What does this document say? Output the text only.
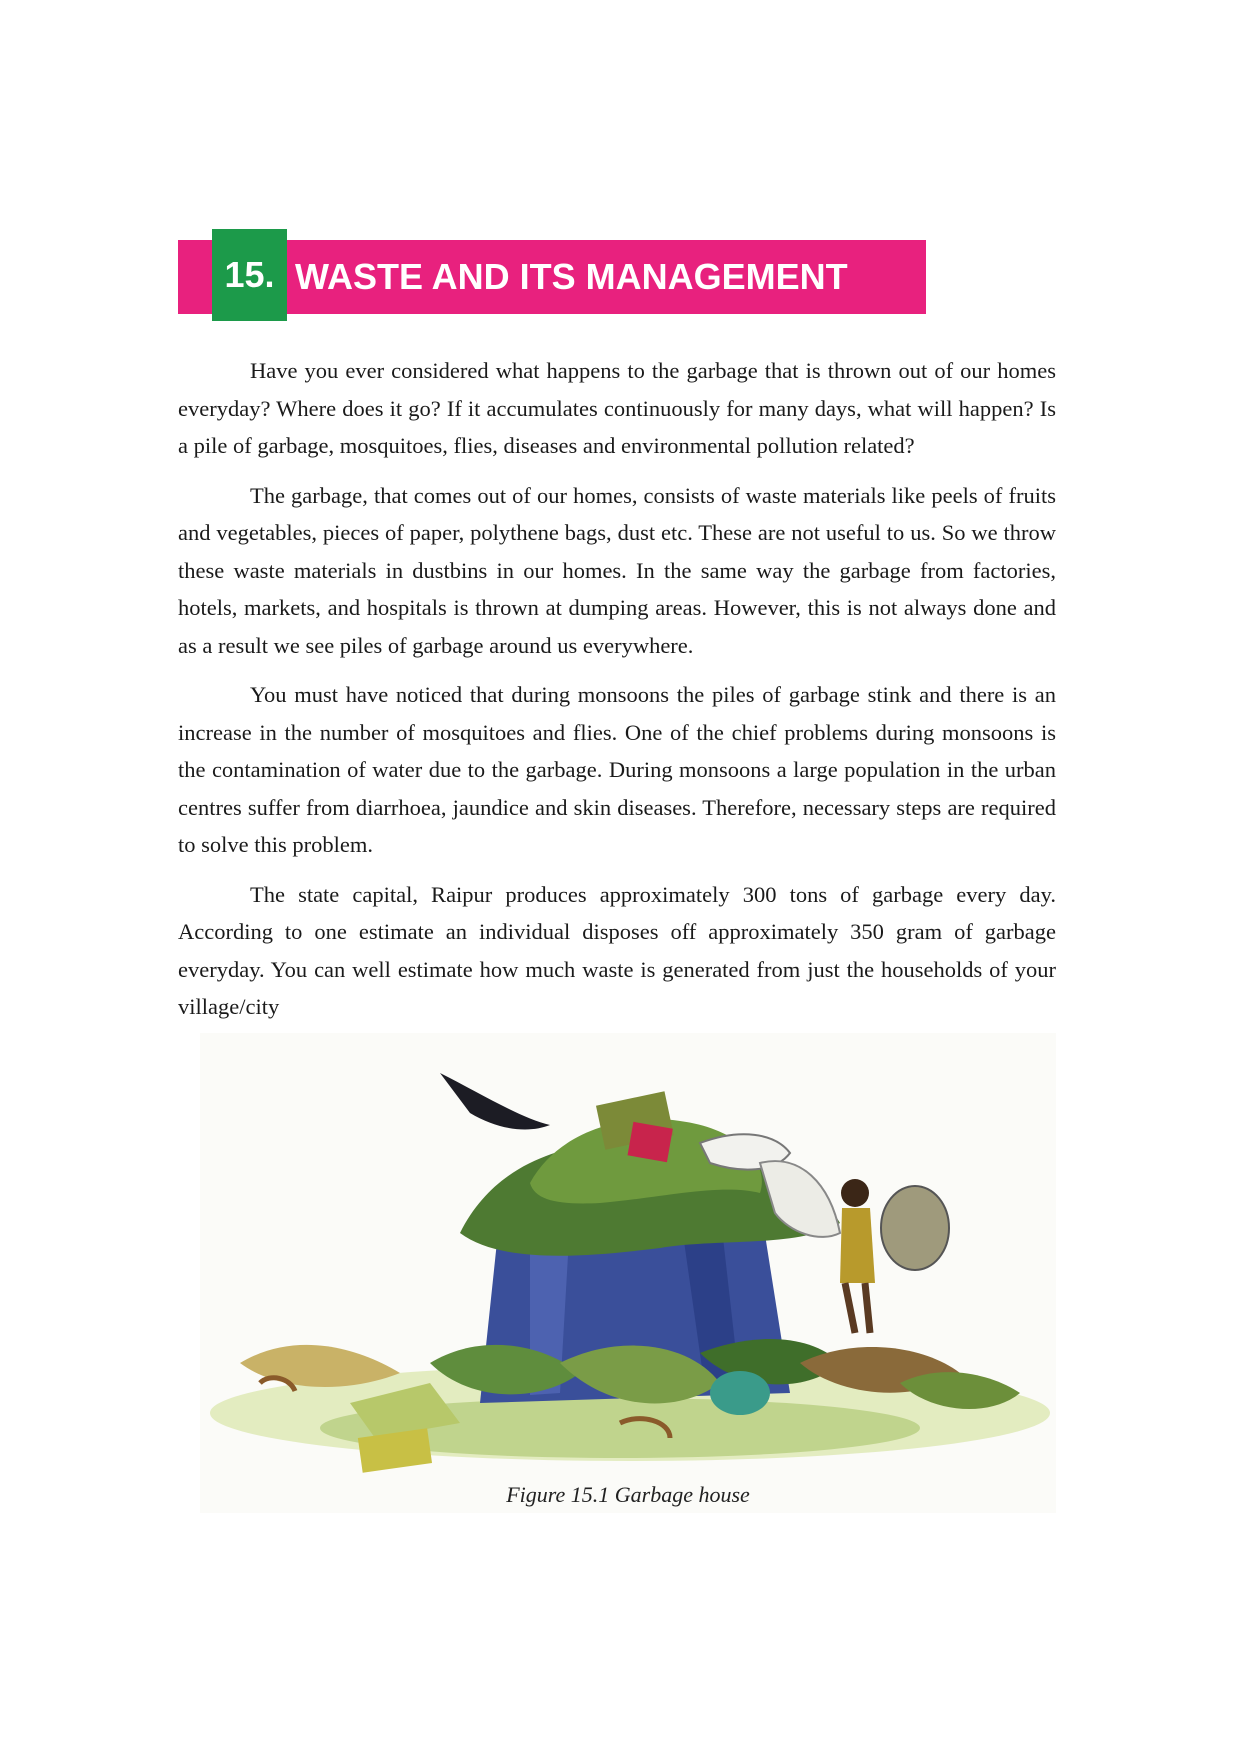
15. WASTE AND ITS MANAGEMENT

Have you ever considered what happens to the garbage that is thrown out of our homes everyday? Where does it go? If it accumulates continuously for many days, what will happen? Is a pile of garbage, mosquitoes, flies, diseases and environmental pollution related?

The garbage, that comes out of our homes, consists of waste materials like peels of fruits and vegetables, pieces of paper, polythene bags, dust etc. These are not useful to us. So we throw these waste materials in dustbins in our homes. In the same way the garbage from factories, hotels, markets, and hospitals is thrown at dumping areas. However, this is not always done and as a result we see piles of garbage around us everywhere.

You must have noticed that during monsoons the piles of garbage stink and there is an increase in the number of mosquitoes and flies. One of the chief problems during monsoons is the contamination of water due to the garbage. During monsoons a large population in the urban centres suffer from diarrhoea, jaundice and skin diseases. Therefore, necessary steps are required to solve this problem.

The state capital, Raipur produces approximately 300 tons of garbage every day. According to one estimate an individual disposes off approximately 350 gram of garbage everyday. You can well estimate how much waste is generated from just the households of your village/city

Figure 15.1 Garbage house
